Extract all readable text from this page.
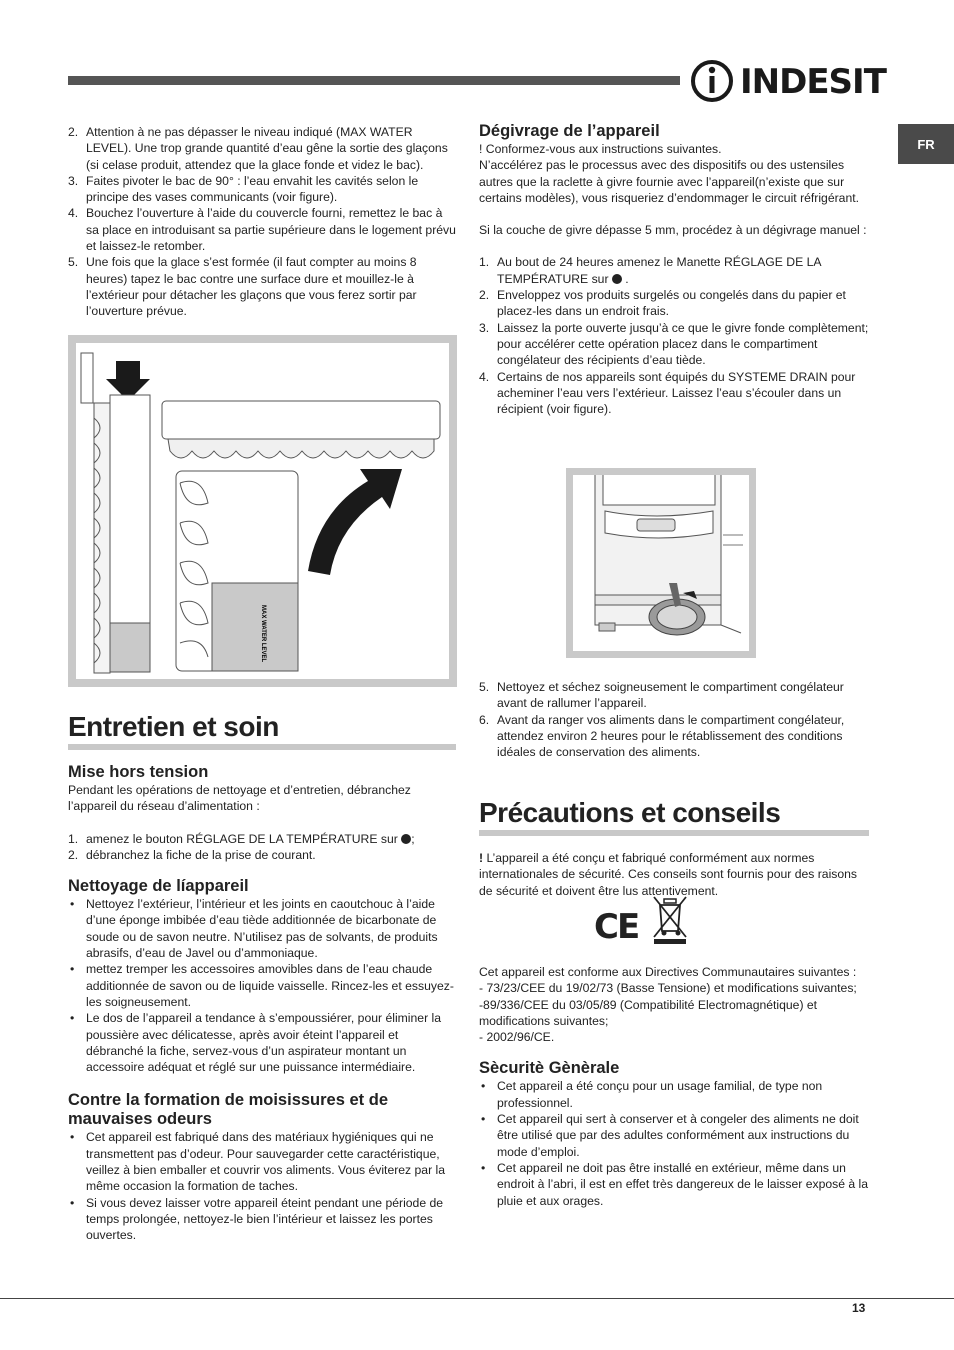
INDESIT
FR
2. Attention à ne pas dépasser le niveau indiqué (MAX WATER LEVEL). Une trop grande quantité d’eau gêne la sortie des glaçons (si celase produit, attendez que la glace fonde et videz le bac).
3. Faites pivoter le bac de 90° : l’eau envahit les cavités selon le principe des vases communicants (voir figure).
4. Bouchez l’ouverture à l’aide du couvercle fourni, remettez le bac à sa place en introduisant sa partie supérieure dans le logement prévu et laissez-le retomber.
5. Une fois que la glace s’est formée (il faut compter au moins 8 heures) tapez le bac contre une surface dure et mouillez-le à l’extérieur pour détacher les glaçons que vous ferez sortir par l’ouverture prévue.
MAX WATER LEVEL
Entretien et soin
Mise hors tension

Pendant les opérations de nettoyage et d’entretien, débranchez l’appareil du réseau d’alimentation :

1. amenez le bouton RÉGLAGE DE LA TEMPÉRATURE sur ;
2. débranchez la fiche de la prise de courant.
Nettoyage de líappareil
• Nettoyez l’extérieur, l’intérieur et les joints en caoutchouc à l’aide d’une éponge imbibée d’eau tiède additionnée de bicarbonate de soude ou de savon neutre. N’utilisez pas de solvants, de produits abrasifs, d’eau de Javel ou d’ammoniaque.
• mettez tremper les accessoires amovibles dans de l’eau chaude additionnée de savon ou de liquide vaisselle. Rincez-les et essuyez-les soigneusement.
• Le dos de l’appareil a tendance à s’empoussiérer, pour éliminer la poussière avec délicatesse, après avoir éteint l’appareil et débranché la fiche, servez-vous d’un aspirateur montant un accessoire adéquat et réglé sur une puissance intermédiaire.
Contre la formation de moisissures et de mauvaises odeurs
• Cet appareil est fabriqué dans des matériaux hygiéniques qui ne transmettent pas d’odeur. Pour sauvegarder cette caractéristique, veillez à bien emballer et couvrir vos aliments. Vous éviterez par la même occasion la formation de taches.
• Si vous devez laisser votre appareil éteint pendant une période de temps prolongée, nettoyez-le bien l’intérieur et laissez les portes ouvertes.
Dégivrage de l’appareil

! Conformez-vous aux instructions suivantes.

N’accélérez pas le processus avec des dispositifs ou des ustensiles autres que la raclette à givre fournie avec l’appareil(n’existe que sur certains modèles), vous risqueriez d’endommager le circuit réfrigérant.

Si la couche de givre dépasse 5 mm, procédez à un dégivrage manuel :

1. Au bout de 24 heures amenez le Manette RÉGLAGE DE LA TEMPÉRATURE sur .
2. Enveloppez vos produits surgelés ou congelés dans du papier et placez-les dans un endroit frais.
3. Laissez la porte ouverte jusqu’à ce que le givre fonde complètement; pour accélérer cette opération placez dans le compartiment congélateur des récipients d’eau tiède.
4. Certains de nos appareils sont équipés du SYSTEME DRAIN pour acheminer l’eau vers l’extérieur. Laissez l’eau s’écouler dans un récipient (voir figure).
5. Nettoyez et séchez soigneusement le compartiment congélateur avant de rallumer l’appareil.
6. Avant da ranger vos aliments dans le compartiment congélateur, attendez environ 2 heures pour le rétablissement des conditions idéales de conservation des aliments.
Précautions et conseils

! L’appareil a été conçu et fabriqué conformément aux normes internationales de sécurité. Ces conseils sont fournis pour des raisons de sécurité et doivent être lus attentivement.

CE

Cet appareil est conforme aux Directives Communautaires suivantes :

- 73/23/CEE du 19/02/73 (Basse Tensione) et modifications suivantes;

-89/336/CEE du 03/05/89 (Compatibilité Electromagnétique) et modifications suivantes;

- 2002/96/CE.

Sècuritè Gènèrale
• Cet appareil a été conçu pour un usage familial, de type non professionnel.
• Cet appareil qui sert à conserver et à congeler des aliments ne doit être utilisé que par des adultes conformément aux instructions du mode d’emploi.
• Cet appareil ne doit pas être installé en extérieur, même dans un endroit à l’abri, il est en effet très dangereux de le laisser exposé à la pluie et aux orages.
13
